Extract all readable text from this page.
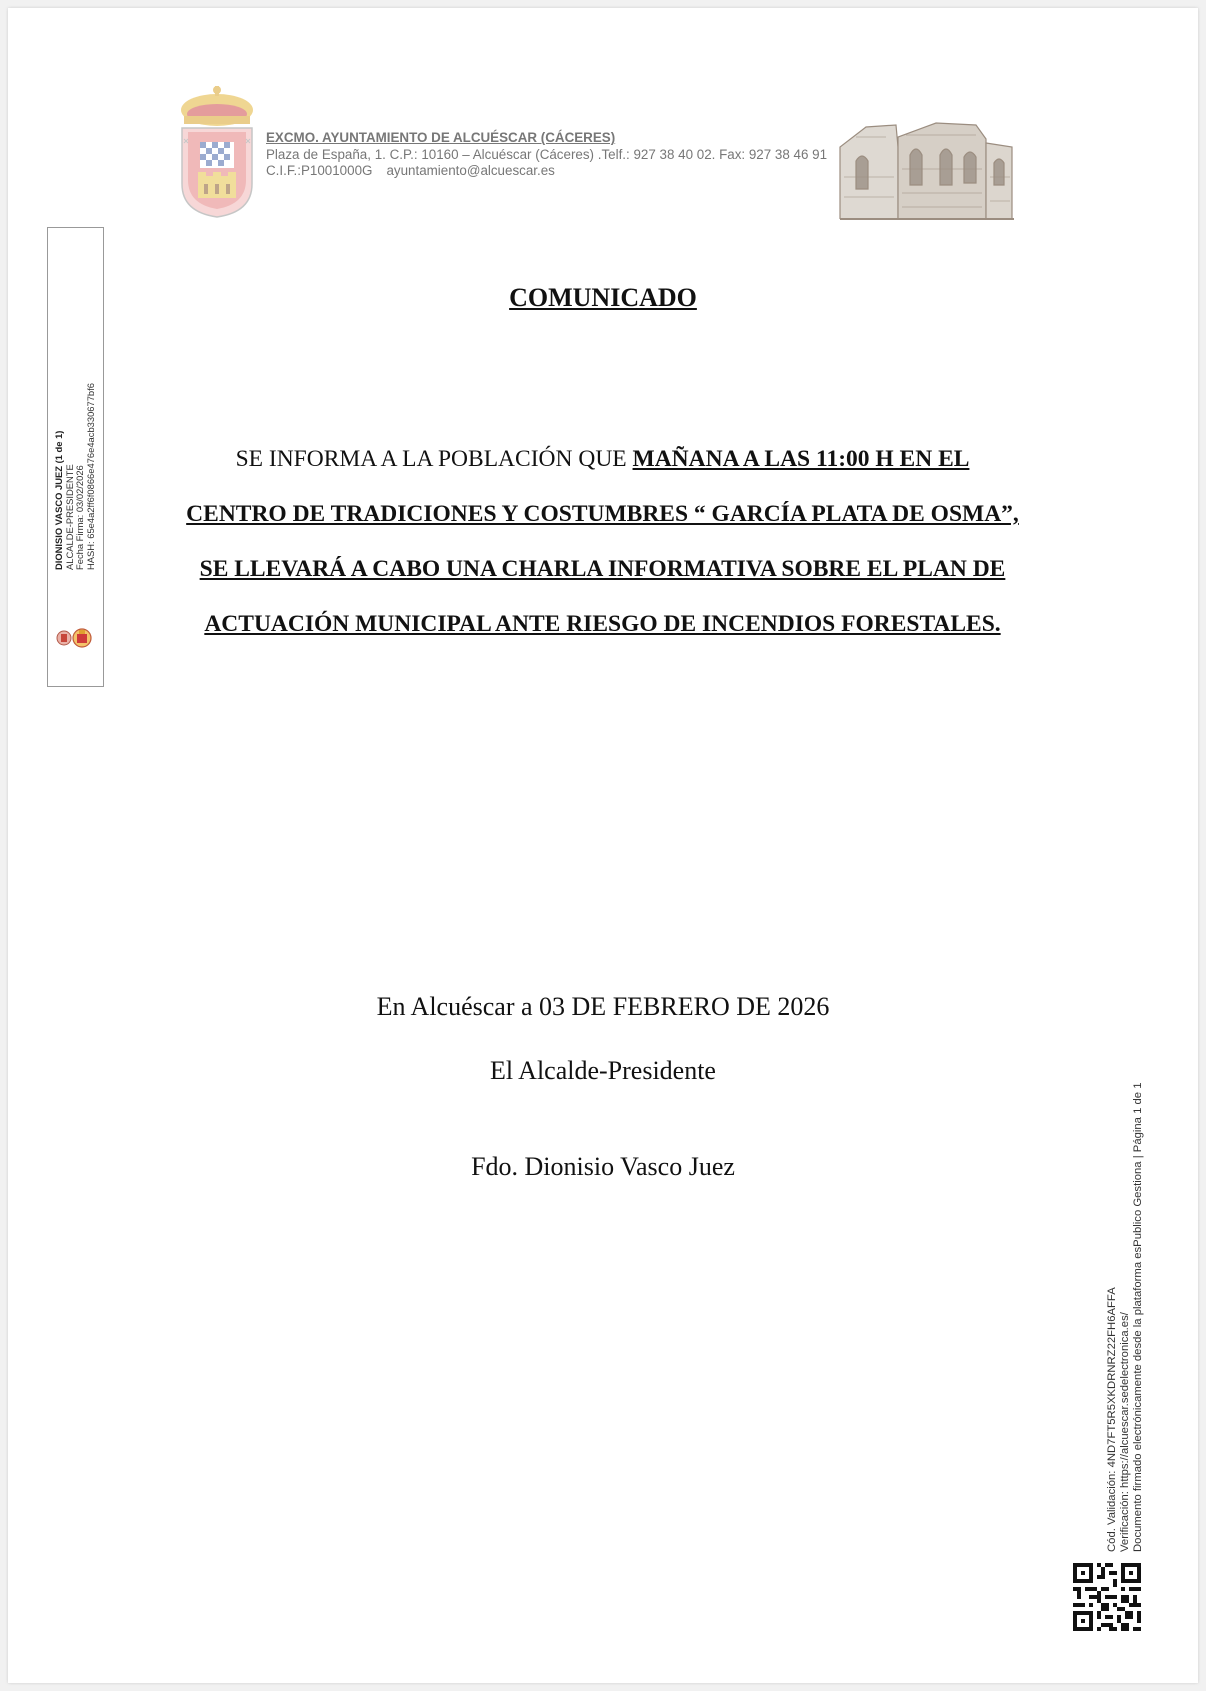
EXCMO. AYUNTAMIENTO DE ALCUÉSCAR (CÁCERES)
Plaza de España, 1. C.P.: 10160 – Alcuéscar (Cáceres) .Telf.: 927 38 40 02. Fax: 927 38 46 91
C.I.F.:P1001000G ayuntamiento@alcuescar.es
DIONISIO VASCO JUEZ (1 de 1) ALCALDE-PRESIDENTE Fecha Firma: 03/02/2026 HASH: 65e4a2ff6f0866e476e4acb330677bf6
COMUNICADO
SE INFORMA A LA POBLACIÓN QUE MAÑANA A LAS 11:00 H EN EL CENTRO DE TRADICIONES Y COSTUMBRES “ GARCÍA PLATA DE OSMA”, SE LLEVARÁ A CABO UNA CHARLA INFORMATIVA SOBRE EL PLAN DE ACTUACIÓN MUNICIPAL ANTE RIESGO DE INCENDIOS FORESTALES.
En Alcuéscar a 03 DE FEBRERO DE 2026
El Alcalde-Presidente
Fdo. Dionisio Vasco Juez
Cód. Validación: 4ND7FT5R5XKDRNRZ22FH6AFFA Verificación: https://alcuescar.sedelectronica.es/ Documento firmado electrónicamente desde la plataforma esPublico Gestiona | Página 1 de 1
